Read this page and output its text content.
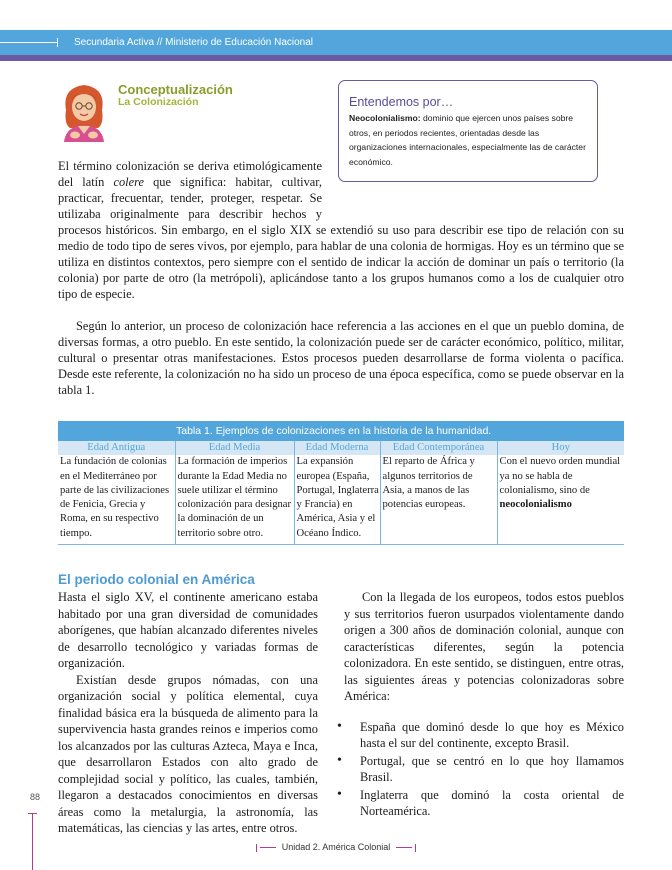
Secundaria Activa // Ministerio de Educación Nacional
Conceptualización
La Colonización	Entendemos por…
Neocolonialismo: dominio que ejercen unos países sobre otros, en periodos recientes, orientadas desde las organizaciones internacionales, especialmente las de carácter económico.
El término colonización se deriva etimológicamente del latín colere que significa: habitar, cultivar, practicar, frecuentar, tender, proteger, respetar. Se utilizaba originalmente para describir hechos y procesos históricos. Sin embargo, en el siglo XIX se extendió su uso para describir ese tipo de relación con su medio de todo tipo de seres vivos, por ejemplo, para hablar de una colonia de hormigas. Hoy es un término que se utiliza en distintos contextos, pero siempre con el sentido de indicar la acción de dominar un país o territorio (la colonia) por parte de otro (la metrópoli), aplicándose tanto a los grupos humanos como a los de cualquier otro tipo de especie.
Según lo anterior, un proceso de colonización hace referencia a las acciones en el que un pueblo domina, de diversas formas, a otro pueblo. En este sentido, la colonización puede ser de carácter económico, político, militar, cultural o presentar otras manifestaciones. Estos procesos pueden desarrollarse de forma violenta o pacífica. Desde este referente, la colonización no ha sido un proceso de una época específica, como se puede observar en la tabla 1.
Tabla 1. Ejemplos de colonizaciones en la historia de la humanidad.
Edad Antigua	Edad Media	Edad Moderna	Edad Contemporánea	Hoy
La fundación de colonias en el Mediterráneo por parte de las civilizaciones de Fenicia, Grecia y Roma, en su respectivo tiempo.	La formación de imperios durante la Edad Media no suele utilizar el término colonización para designar la dominación de un territorio sobre otro.	La expansión europea (España, Portugal, Inglaterra y Francia) en América, Asia y el Océano Índico.	El reparto de África y algunos territorios de Asia, a manos de las potencias europeas.	Con el nuevo orden mundial ya no se habla de colonialismo, sino de neocolonialismo
El periodo colonial en América

Hasta el siglo XV, el continente americano estaba habitado por una gran diversidad de comunidades aborígenes, que habían alcanzado diferentes niveles de desarrollo tecnológico y variadas formas de organización.

Existían desde grupos nómadas, con una organización social y política elemental, cuya finalidad básica era la búsqueda de alimento para la supervivencia hasta grandes reinos e imperios como los alcanzados por las culturas Azteca, Maya e Inca, que desarrollaron Estados con alto grado de complejidad social y político, las cuales, también, llegaron a destacados conocimientos en diversas áreas como la metalurgia, la astronomía, las matemáticas, las ciencias y las artes, entre otros.

Con la llegada de los europeos, todos estos pueblos y sus territorios fueron usurpados violentamente dando origen a 300 años de dominación colonial, aunque con características diferentes, según la potencia colonizadora. En este sentido, se distinguen, entre otras, las siguientes áreas y potencias colonizadoras sobre América:

• España que dominó desde lo que hoy es México hasta el sur del continente, excepto Brasil.
• Portugal, que se centró en lo que hoy llamamos Brasil.
• Inglaterra que dominó la costa oriental de Norteamérica.
88
Unidad 2. América Colonial
